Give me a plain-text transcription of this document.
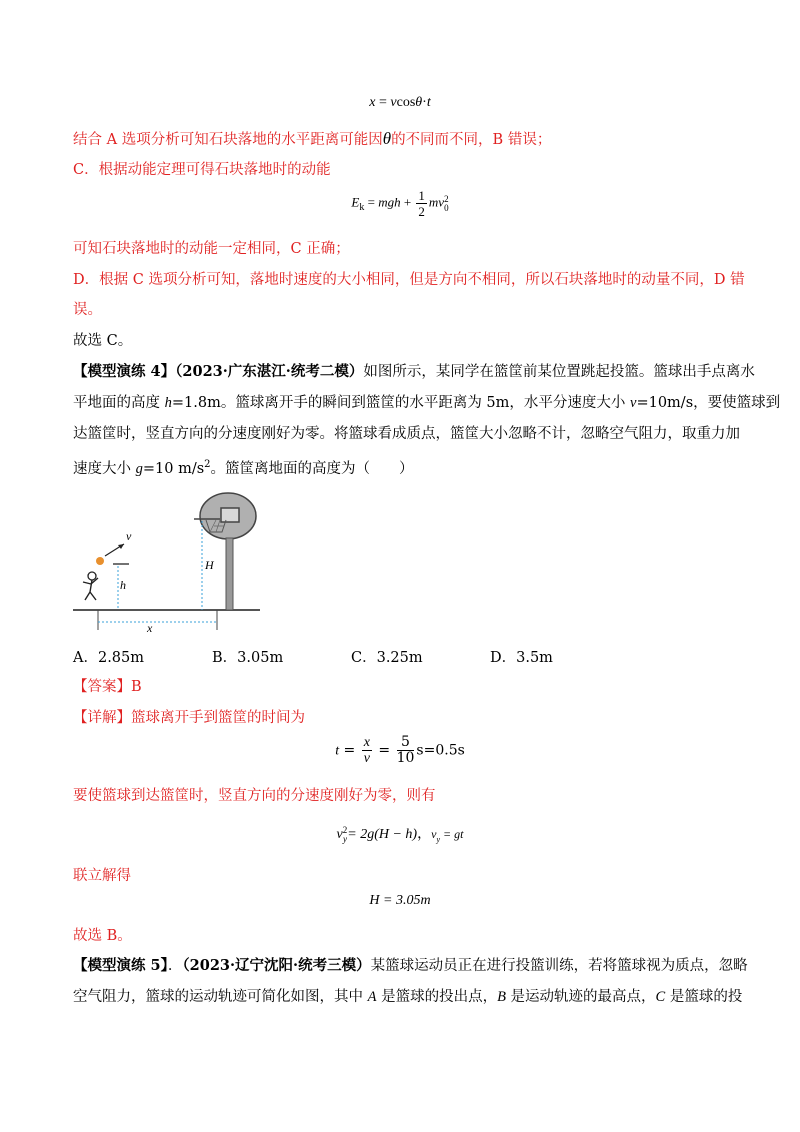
x = vcosθ·t
结合 A 选项分析可知石块落地的水平距离可能因θ的不同而不同，B 错误；
C．根据动能定理可得石块落地时的动能
$E_k$ = mgh + $\frac{1}{2}$ mv 2
0
可知石块落地时的动能一定相同，C 正确；
D．根据 C 选项分析可知，落地时速度的大小相同，但是方向不相同，所以石块落地时的动量不同，D 错
误。
故选 C。
【模型演练 4】（2023·广东湛江·统考二模）如图所示，某同学在篮筐前某位置跳起投篮。篮球出手点离水
平地面的高度 h=1.8m。篮球离开手的瞬间到篮筐的水平距离为 5m，水平分速度大小 v=10m/s，要使篮球到
达篮筐时，竖直方向的分速度刚好为零。将篮球看成质点，篮筐大小忽略不计，忽略空气阻力，取重力加
速度大小 g=10 $m/s^2$。篮筐离地面的高度为（　　）
v
h
H
x
A．2.85m	B．3.05m	C．3.25m	D．3.5m
【答案】B
【详解】篮球离开手到篮筐的时间为
$t = \frac{x}{v} = \frac{5}{10} s=0.5s$
要使篮球到达篮筐时，竖直方向的分速度刚好为零，则有
v 2
y = 2g(H − h)，$v_y$ = gt
联立解得
H = 3.05m
故选 B。
【模型演练 5】．（2023·辽宁沈阳·统考三模）某篮球运动员正在进行投篮训练，若将篮球视为质点，忽略
空气阻力，篮球的运动轨迹可简化如图，其中 A 是篮球的投出点，B 是运动轨迹的最高点，C 是篮球的投
